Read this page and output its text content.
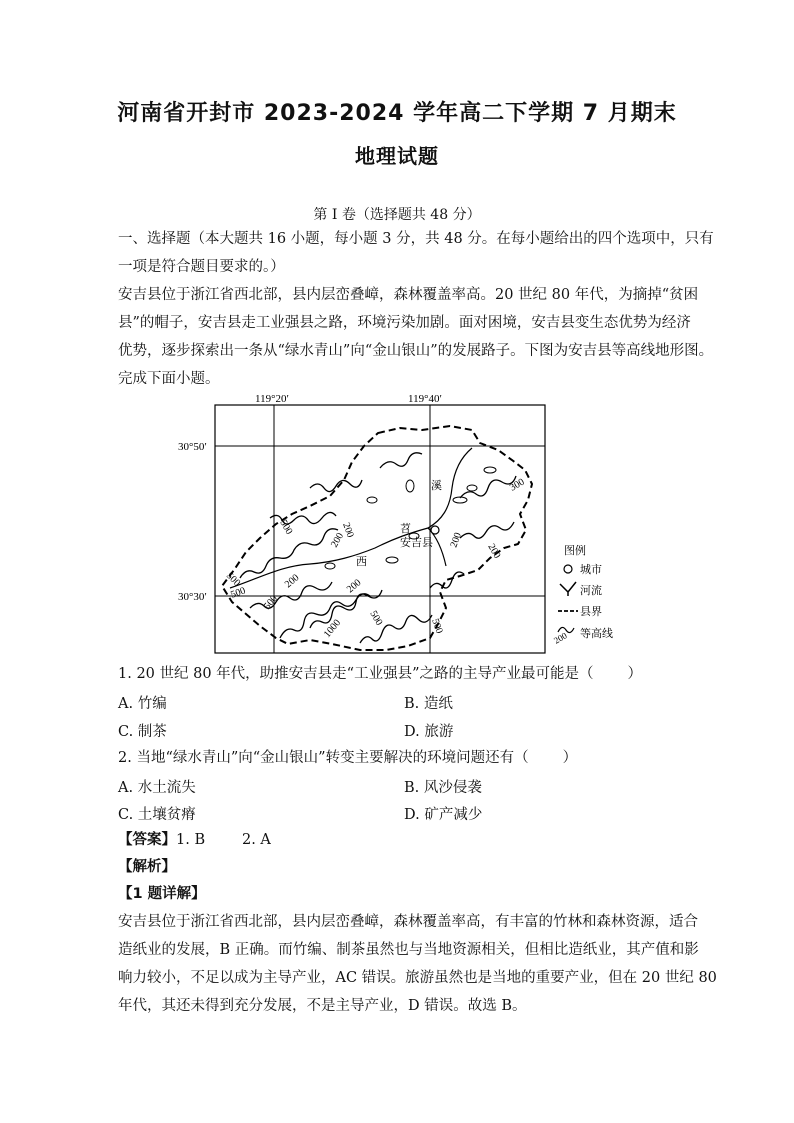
河南省开封市 2023-2024 学年高二下学期 7 月期末
地理试题
第 I 卷（选择题共 48 分）
一、选择题（本大题共 16 小题，每小题 3 分，共 48 分。在每小题给出的四个选项中，只有
一项是符合题目要求的。）
安吉县位于浙江省西北部，县内层峦叠嶂，森林覆盖率高。20 世纪 80 年代，为摘掉“贫困
县”的帽子，安吉县走工业强县之路，环境污染加剧。面对困境，安吉县变生态优势为经济
优势，逐步探索出一条从“绿水青山”向“金山银山”的发展路子。下图为安吉县等高线地形图。
完成下面小题。
119°20′	119°40′
30°50′
30°30′
溪
苕
西
安吉县
300
200
200
500
200	200
500
500
200
500
200
500	500
1000
图例
城市
河流
县界
200 等高线
1. 20 世纪 80 年代，助推安吉县走“工业强县”之路的主导产业最可能是（ ）
A. 竹编	B. 造纸
C. 制茶	D. 旅游
2. 当地“绿水青山”向“金山银山”转变主要解决的环境问题还有（ ）
A. 水土流失	B. 风沙侵袭
C. 土壤贫瘠	D. 矿产减少
【答案】1. B        2. A
【解析】
【1 题详解】
安吉县位于浙江省西北部，县内层峦叠嶂，森林覆盖率高，有丰富的竹林和森林资源，适合
造纸业的发展，B 正确。而竹编、制茶虽然也与当地资源相关，但相比造纸业，其产值和影
响力较小，不足以成为主导产业，AC 错误。旅游虽然也是当地的重要产业，但在 20 世纪 80
年代，其还未得到充分发展，不是主导产业，D 错误。故选 B。
